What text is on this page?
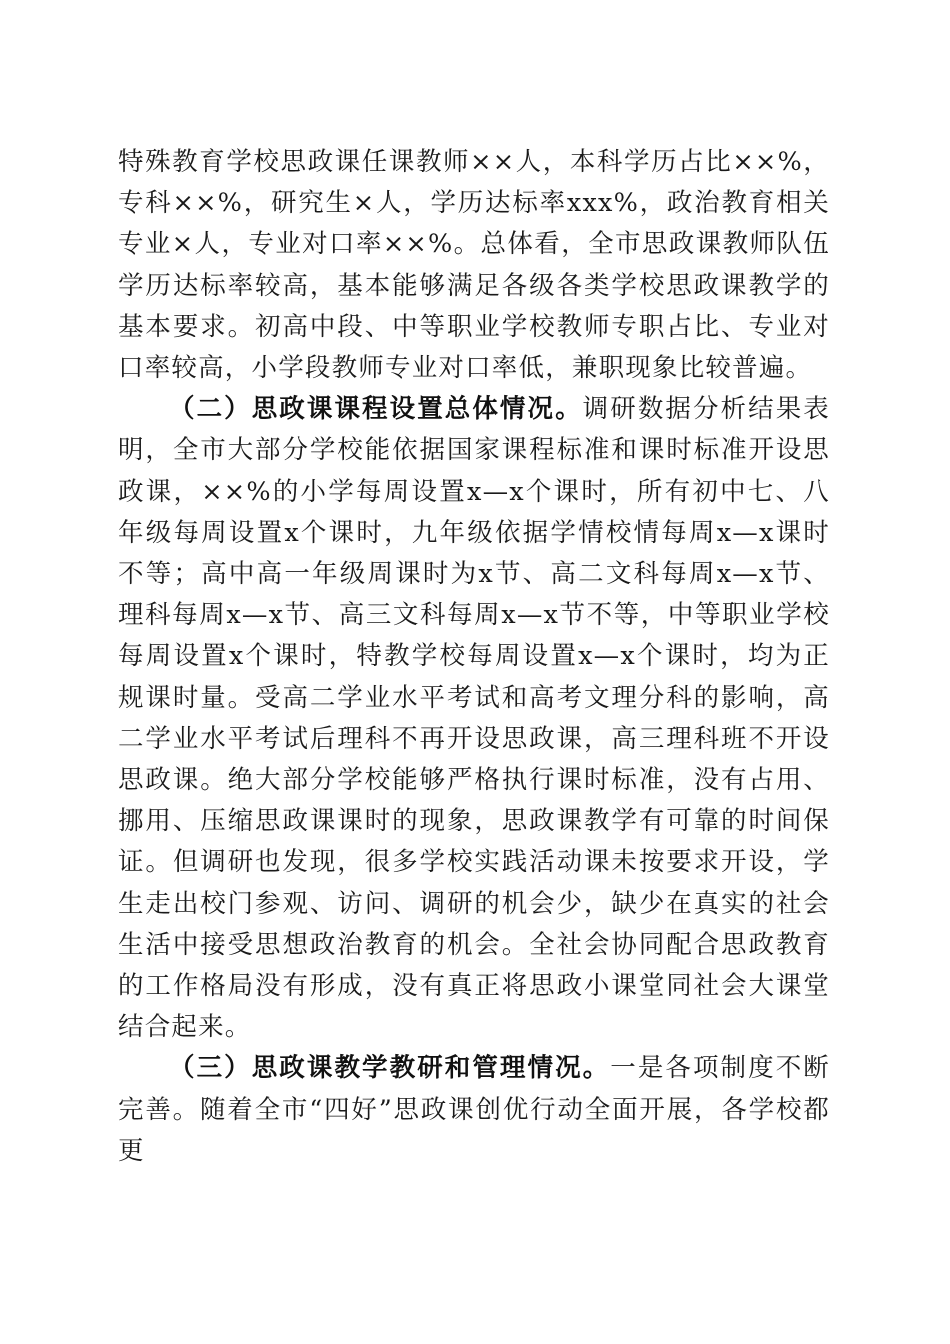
特殊教育学校思政课任课教师××人，本科学历占比××%，专科××%，研究生×人，学历达标率xxx%，政治教育相关专业×人，专业对口率××%。总体看，全市思政课教师队伍学历达标率较高，基本能够满足各级各类学校思政课教学的基本要求。初高中段、中等职业学校教师专职占比、专业对口率较高，小学段教师专业对口率低，兼职现象比较普遍。

（二）思政课课程设置总体情况。调研数据分析结果表明，全市大部分学校能依据国家课程标准和课时标准开设思政课，××%的小学每周设置x—x个课时，所有初中七、八年级每周设置x个课时，九年级依据学情校情每周x—x课时不等；高中高一年级周课时为x节、高二文科每周x—x节、理科每周x—x节、高三文科每周x—x节不等，中等职业学校每周设置x个课时，特教学校每周设置x—x个课时，均为正规课时量。受高二学业水平考试和高考文理分科的影响，高二学业水平考试后理科不再开设思政课，高三理科班不开设思政课。绝大部分学校能够严格执行课时标准，没有占用、挪用、压缩思政课课时的现象，思政课教学有可靠的时间保证。但调研也发现，很多学校实践活动课未按要求开设，学生走出校门参观、访问、调研的机会少，缺少在真实的社会生活中接受思想政治教育的机会。全社会协同配合思政教育的工作格局没有形成，没有真正将思政小课堂同社会大课堂结合起来。

（三）思政课教学教研和管理情况。一是各项制度不断完善。随着全市“四好”思政课创优行动全面开展，各学校都更
